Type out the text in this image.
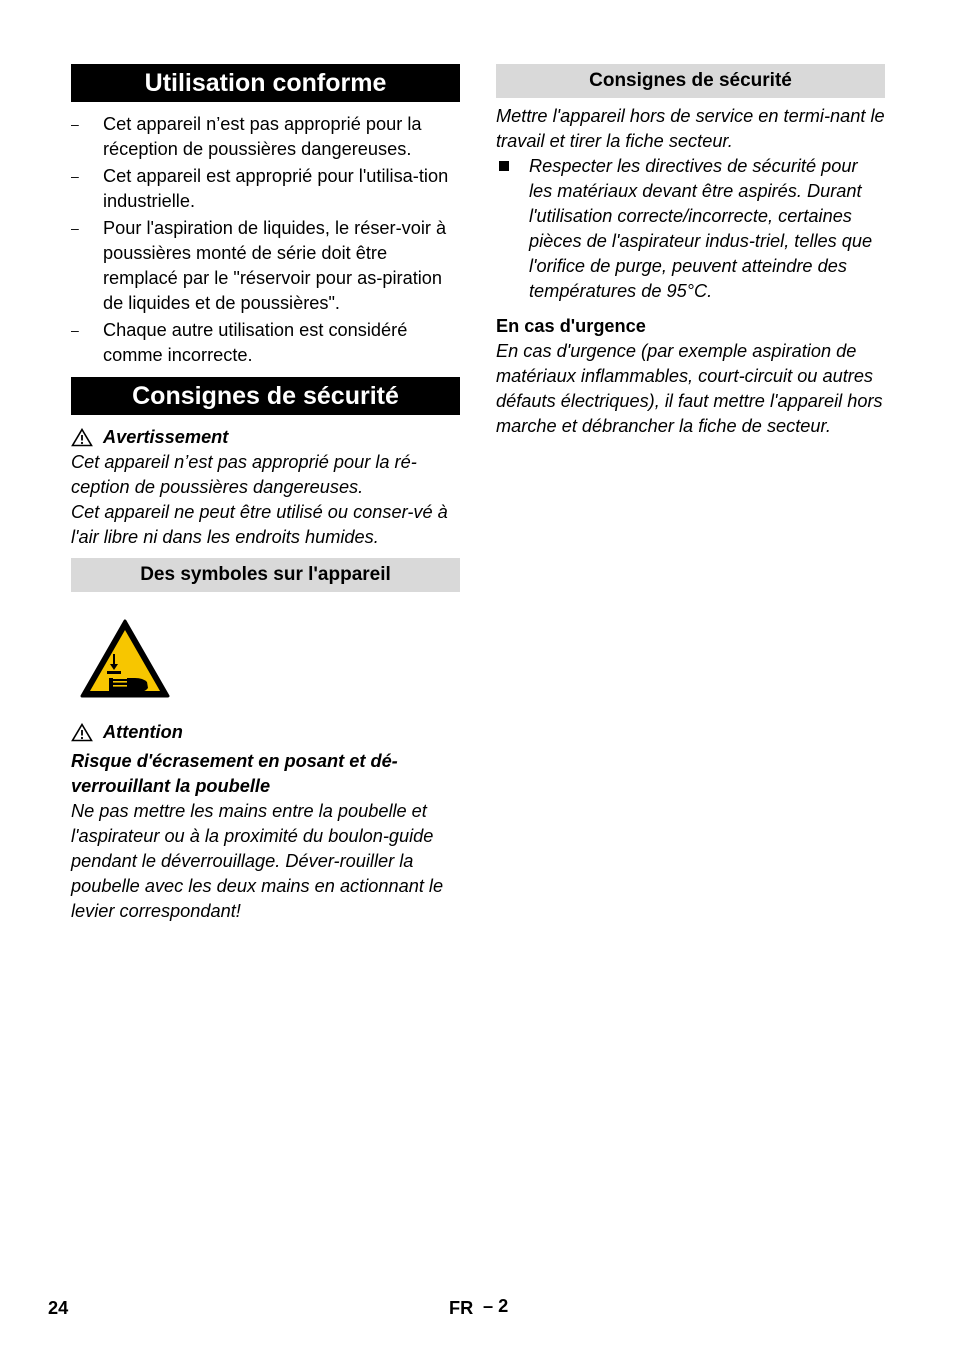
Utilisation conforme
–	Cet appareil n’est pas approprié pour la réception de poussières dangereuses.
–	Cet appareil est approprié pour l'utilisa-tion industrielle.
–	Pour l'aspiration de liquides, le réser-voir à poussières monté de série doit être remplacé par le "réservoir pour as-piration de liquides et de poussières".
–	Chaque autre utilisation est considéré comme incorrecte.
Consignes de sécurité
Avertissement

Cet appareil n’est pas approprié pour la ré-ception de poussières dangereuses.

Cet appareil ne peut être utilisé ou conser-vé à l'air libre ni dans les endroits humides.

Des symboles sur l'appareil
Attention

Risque d'écrasement en posant et dé-verrouillant la poubelle

Ne pas mettre les mains entre la poubelle et l'aspirateur ou à la proximité du boulon-guide pendant le déverrouillage. Déver-rouiller la poubelle avec les deux mains en actionnant le levier correspondant!

Consignes de sécurité

Mettre l'appareil hors de service en termi-nant le travail et tirer la fiche secteur.

Respecter les directives de sécurité pour les matériaux devant être aspirés. Durant l'utilisation correcte/incorrecte, certaines pièces de l'aspirateur indus-triel, telles que l'orifice de purge, peuvent atteindre des températures de 95°C.

En cas d'urgence

En cas d'urgence (par exemple aspiration de matériaux inflammables, court-circuit ou autres défauts électriques), il faut mettre l'appareil hors marche et débrancher la fiche de secteur.

24	FR – 2
